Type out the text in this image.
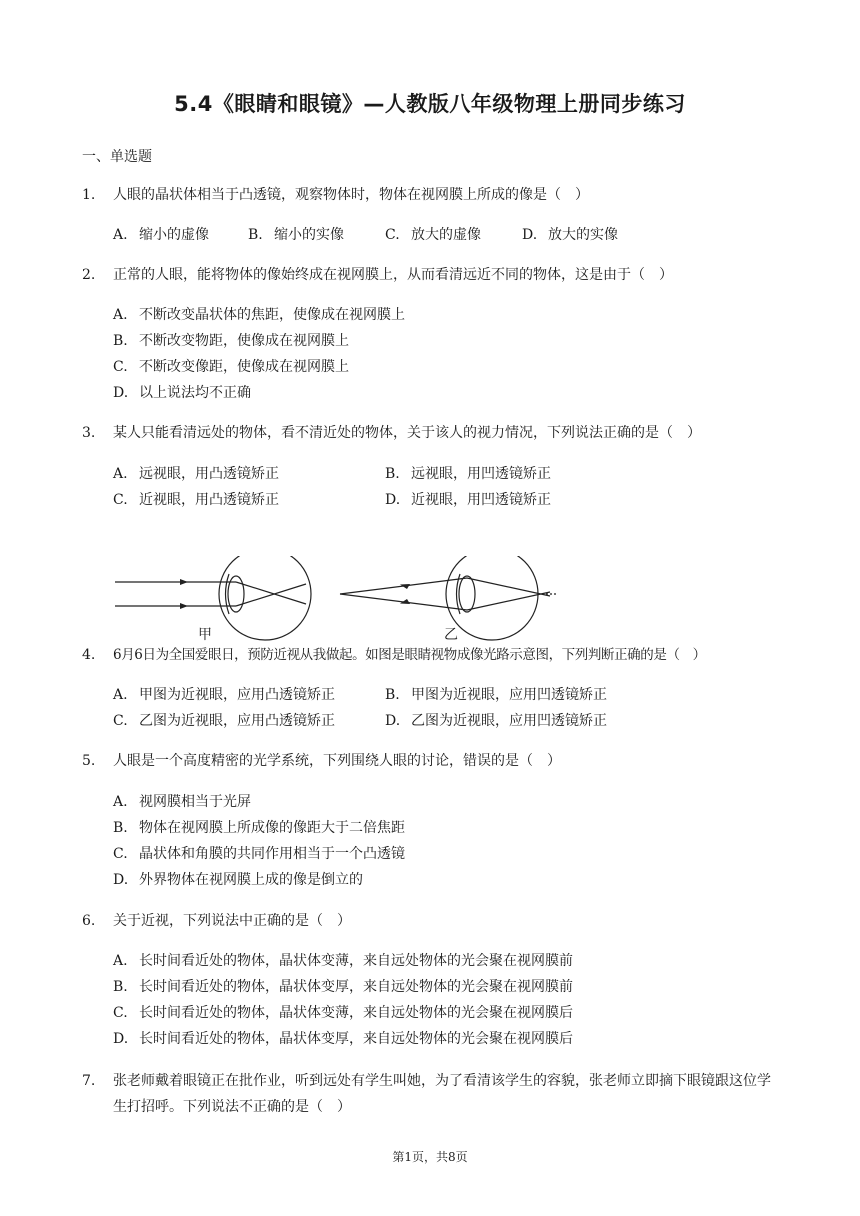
5.4《眼睛和眼镜》—人教版八年级物理上册同步练习
一、单选题
1.	人眼的晶状体相当于凸透镜，观察物体时，物体在视网膜上所成的像是（　）
A. 缩小的虚像	B. 缩小的实像	C. 放大的虚像	D. 放大的实像
2.	正常的人眼，能将物体的像始终成在视网膜上，从而看清远近不同的物体，这是由于（　）
A. 不断改变晶状体的焦距，使像成在视网膜上
B. 不断改变物距，使像成在视网膜上
C. 不断改变像距，使像成在视网膜上
D. 以上说法均不正确
3.	某人只能看清远处的物体，看不清近处的物体，关于该人的视力情况，下列说法正确的是（　）
A. 远视眼，用凸透镜矫正	B. 远视眼，用凹透镜矫正
C. 近视眼，用凸透镜矫正	D. 近视眼，用凹透镜矫正
甲	乙
4.	6月6日为全国爱眼日，预防近视从我做起。如图是眼睛视物成像光路示意图，下列判断正确的是（　）
A. 甲图为近视眼，应用凸透镜矫正	B. 甲图为近视眼，应用凹透镜矫正
C. 乙图为近视眼，应用凸透镜矫正	D. 乙图为近视眼，应用凹透镜矫正
5.	人眼是一个高度精密的光学系统，下列围绕人眼的讨论，错误的是（　）
A. 视网膜相当于光屏
B. 物体在视网膜上所成像的像距大于二倍焦距
C. 晶状体和角膜的共同作用相当于一个凸透镜
D. 外界物体在视网膜上成的像是倒立的
6.	关于近视，下列说法中正确的是（　）
A. 长时间看近处的物体，晶状体变薄，来自远处物体的光会聚在视网膜前
B. 长时间看近处的物体，晶状体变厚，来自远处物体的光会聚在视网膜前
C. 长时间看近处的物体，晶状体变薄，来自远处物体的光会聚在视网膜后
D. 长时间看近处的物体，晶状体变厚，来自远处物体的光会聚在视网膜后
7.	张老师戴着眼镜正在批作业，听到远处有学生叫她，为了看清该学生的容貌，张老师立即摘下眼镜跟这位学生打招呼。下列说法不正确的是（　）
第1页，共8页
